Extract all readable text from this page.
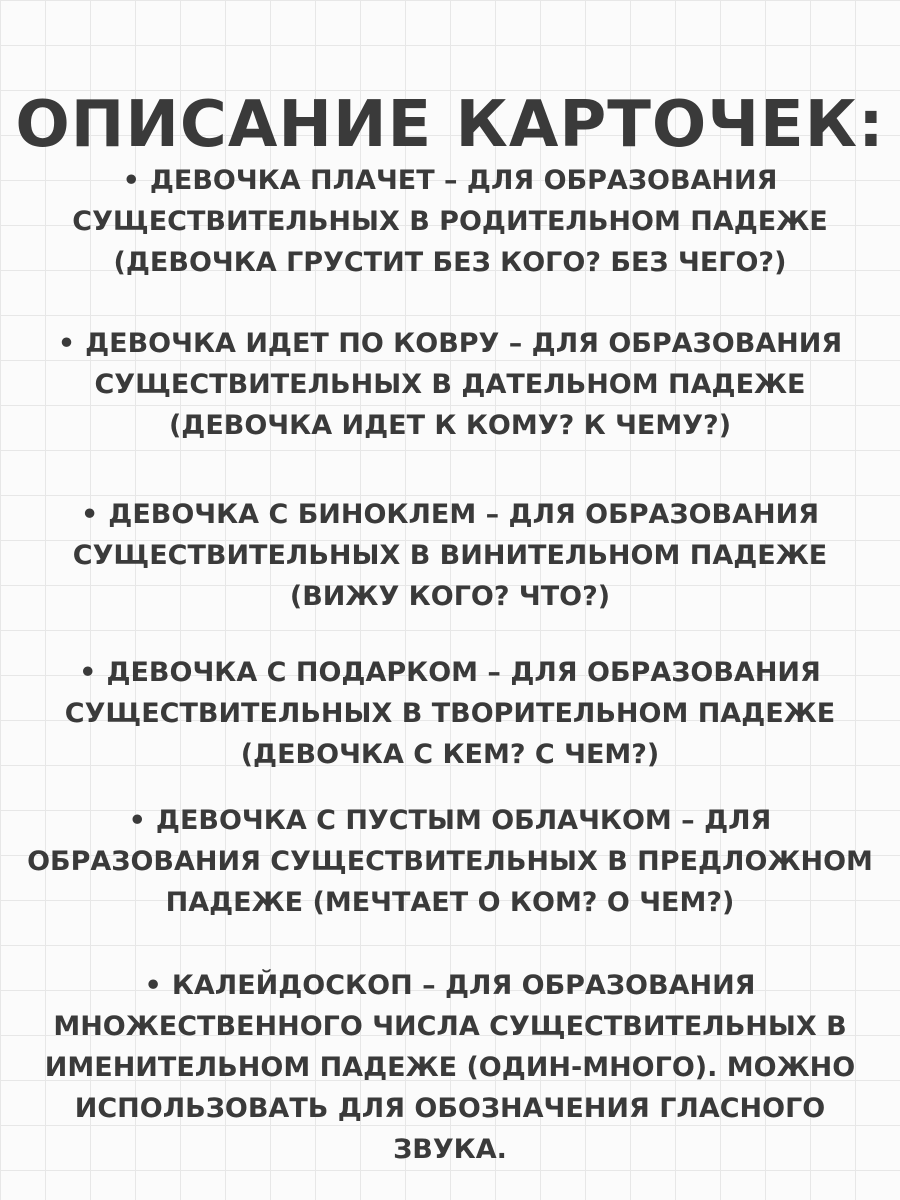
ОПИСАНИЕ КАРТОЧЕК:
• ДЕВОЧКА ПЛАЧЕТ – ДЛЯ ОБРАЗОВАНИЯ
СУЩЕСТВИТЕЛЬНЫХ В РОДИТЕЛЬНОМ ПАДЕЖЕ
(ДЕВОЧКА ГРУСТИТ БЕЗ КОГО? БЕЗ ЧЕГО?)
• ДЕВОЧКА ИДЕТ ПО КОВРУ – ДЛЯ ОБРАЗОВАНИЯ
СУЩЕСТВИТЕЛЬНЫХ В ДАТЕЛЬНОМ ПАДЕЖЕ
(ДЕВОЧКА ИДЕТ К КОМУ? К ЧЕМУ?)
• ДЕВОЧКА С БИНОКЛЕМ – ДЛЯ ОБРАЗОВАНИЯ
СУЩЕСТВИТЕЛЬНЫХ В ВИНИТЕЛЬНОМ ПАДЕЖЕ
(ВИЖУ КОГО? ЧТО?)
• ДЕВОЧКА С ПОДАРКОМ – ДЛЯ ОБРАЗОВАНИЯ
СУЩЕСТВИТЕЛЬНЫХ В ТВОРИТЕЛЬНОМ ПАДЕЖЕ
(ДЕВОЧКА С КЕМ? С ЧЕМ?)
• ДЕВОЧКА С ПУСТЫМ ОБЛАЧКОМ – ДЛЯ
ОБРАЗОВАНИЯ СУЩЕСТВИТЕЛЬНЫХ В ПРЕДЛОЖНОМ
ПАДЕЖЕ (МЕЧТАЕТ О КОМ? О ЧЕМ?)
• КАЛЕЙДОСКОП – ДЛЯ ОБРАЗОВАНИЯ
МНОЖЕСТВЕННОГО ЧИСЛА СУЩЕСТВИТЕЛЬНЫХ В
ИМЕНИТЕЛЬНОМ ПАДЕЖЕ (ОДИН-МНОГО). МОЖНО
ИСПОЛЬЗОВАТЬ ДЛЯ ОБОЗНАЧЕНИЯ ГЛАСНОГО
ЗВУКА.
